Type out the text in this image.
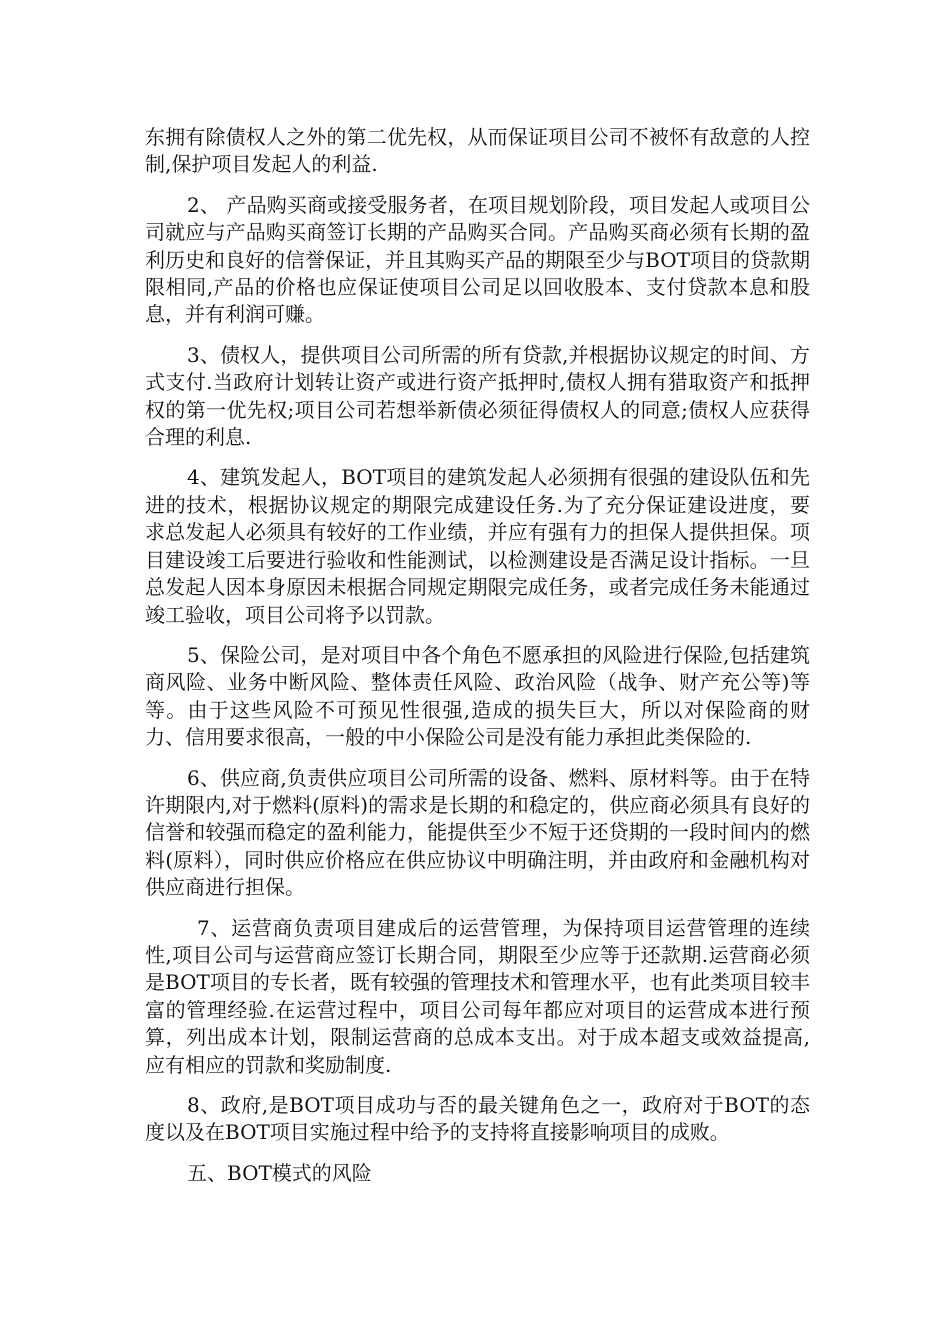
东拥有除债权人之外的第二优先权，从而保证项目公司不被怀有敌意的人控制,保护项目发起人的利益.

2、 产品购买商或接受服务者，在项目规划阶段，项目发起人或项目公司就应与产品购买商签订长期的产品购买合同。产品购买商必须有长期的盈利历史和良好的信誉保证，并且其购买产品的期限至少与BOT项目的贷款期限相同,产品的价格也应保证使项目公司足以回收股本、支付贷款本息和股息，并有利润可赚。

3、债权人，提供项目公司所需的所有贷款,并根据协议规定的时间、方式支付.当政府计划转让资产或进行资产抵押时,债权人拥有猎取资产和抵押权的第一优先权;项目公司若想举新债必须征得债权人的同意;债权人应获得合理的利息.

4、建筑发起人，BOT项目的建筑发起人必须拥有很强的建设队伍和先进的技术，根据协议规定的期限完成建设任务.为了充分保证建设进度，要求总发起人必须具有较好的工作业绩，并应有强有力的担保人提供担保。项目建设竣工后要进行验收和性能测试，以检测建设是否满足设计指标。一旦总发起人因本身原因未根据合同规定期限完成任务，或者完成任务未能通过竣工验收，项目公司将予以罚款。

5、保险公司，是对项目中各个角色不愿承担的风险进行保险,包括建筑商风险、业务中断风险、整体责任风险、政治风险（战争、财产充公等)等等。由于这些风险不可预见性很强,造成的损失巨大，所以对保险商的财力、信用要求很高，一般的中小保险公司是没有能力承担此类保险的.

6、供应商,负责供应项目公司所需的设备、燃料、原材料等。由于在特许期限内,对于燃料(原料)的需求是长期的和稳定的，供应商必须具有良好的信誉和较强而稳定的盈利能力，能提供至少不短于还贷期的一段时间内的燃料(原料），同时供应价格应在供应协议中明确注明，并由政府和金融机构对供应商进行担保。

7、运营商负责项目建成后的运营管理，为保持项目运营管理的连续性,项目公司与运营商应签订长期合同，期限至少应等于还款期.运营商必须是BOT项目的专长者，既有较强的管理技术和管理水平，也有此类项目较丰富的管理经验.在运营过程中，项目公司每年都应对项目的运营成本进行预算，列出成本计划，限制运营商的总成本支出。对于成本超支或效益提高,应有相应的罚款和奖励制度.

8、政府,是BOT项目成功与否的最关键角色之一，政府对于BOT的态度以及在BOT项目实施过程中给予的支持将直接影响项目的成败。

五、BOT模式的风险
